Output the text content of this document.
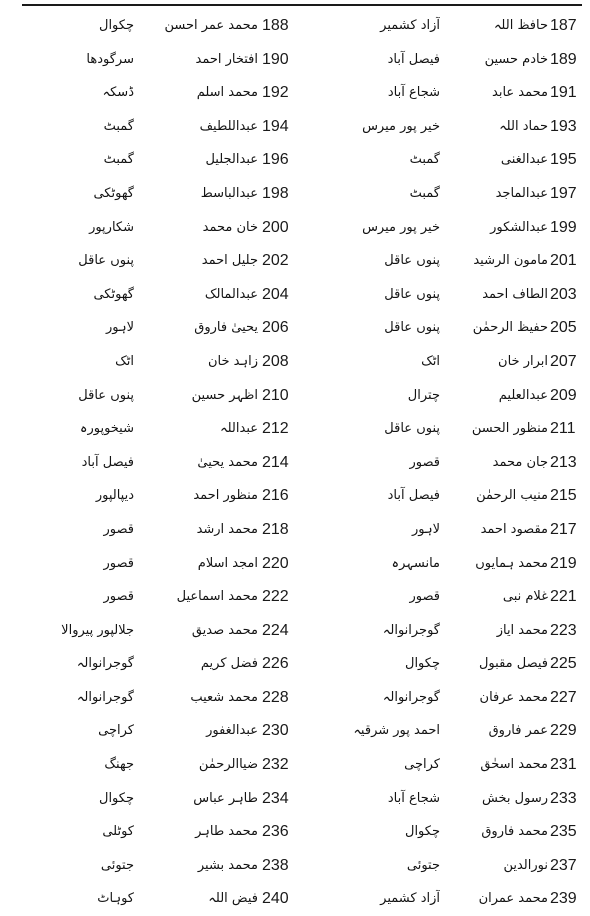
187
حافظ اللہ
آزاد کشمیر
188
محمد عمر احسن
چکوال
189
خادم حسین
فیصل آباد
190
افتخار احمد
سرگودھا
191
محمد عابد
شجاع آباد
192
محمد اسلم
ڈسکہ
193
حماد اللہ
خیر پور میرس
194
عبداللطیف
گمبٹ
195
عبدالغنی
گمبٹ
196
عبدالجلیل
گمبٹ
197
عبدالماجد
گمبٹ
198
عبدالباسط
گھوٹکی
199
عبدالشکور
خیر پور میرس
200
خان محمد
شکارپور
201
مامون الرشید
پنوں عاقل
202
جلیل احمد
پنوں عاقل
203
الطاف احمد
پنوں عاقل
204
عبدالمالک
گھوٹکی
205
حفیظ الرحمٰن
پنوں عاقل
206
یحییٰ فاروق
لاہور
207
ابرار خان
اٹک
208
زاہد خان
اٹک
209
عبدالعلیم
چترال
210
اظہر حسین
پنوں عاقل
211
منظور الحسن
پنوں عاقل
212
عبداللہ
شیخوپورہ
213
جان محمد
قصور
214
محمد یحییٰ
فیصل آباد
215
منیب الرحمٰن
فیصل آباد
216
منظور احمد
دیپالپور
217
مقصود احمد
لاہور
218
محمد ارشد
قصور
219
محمد ہمایوں
مانسہرہ
220
امجد اسلام
قصور
221
غلام نبی
قصور
222
محمد اسماعیل
قصور
223
محمد ایاز
گوجرانوالہ
224
محمد صدیق
جلالپور پیروالا
225
فیصل مقبول
چکوال
226
فضل کریم
گوجرانوالہ
227
محمد عرفان
گوجرانوالہ
228
محمد شعیب
گوجرانوالہ
229
عمر فاروق
احمد پور شرقیہ
230
عبدالغفور
کراچی
231
محمد اسحٰق
کراچی
232
ضیاالرحمٰن
جھنگ
233
رسول بخش
شجاع آباد
234
طاہر عباس
چکوال
235
محمد فاروق
چکوال
236
محمد طاہر
کوٹلی
237
نورالدین
جتوئی
238
محمد بشیر
جتوئی
239
محمد عمران
آزاد کشمیر
240
فیض اللہ
کوہاٹ
